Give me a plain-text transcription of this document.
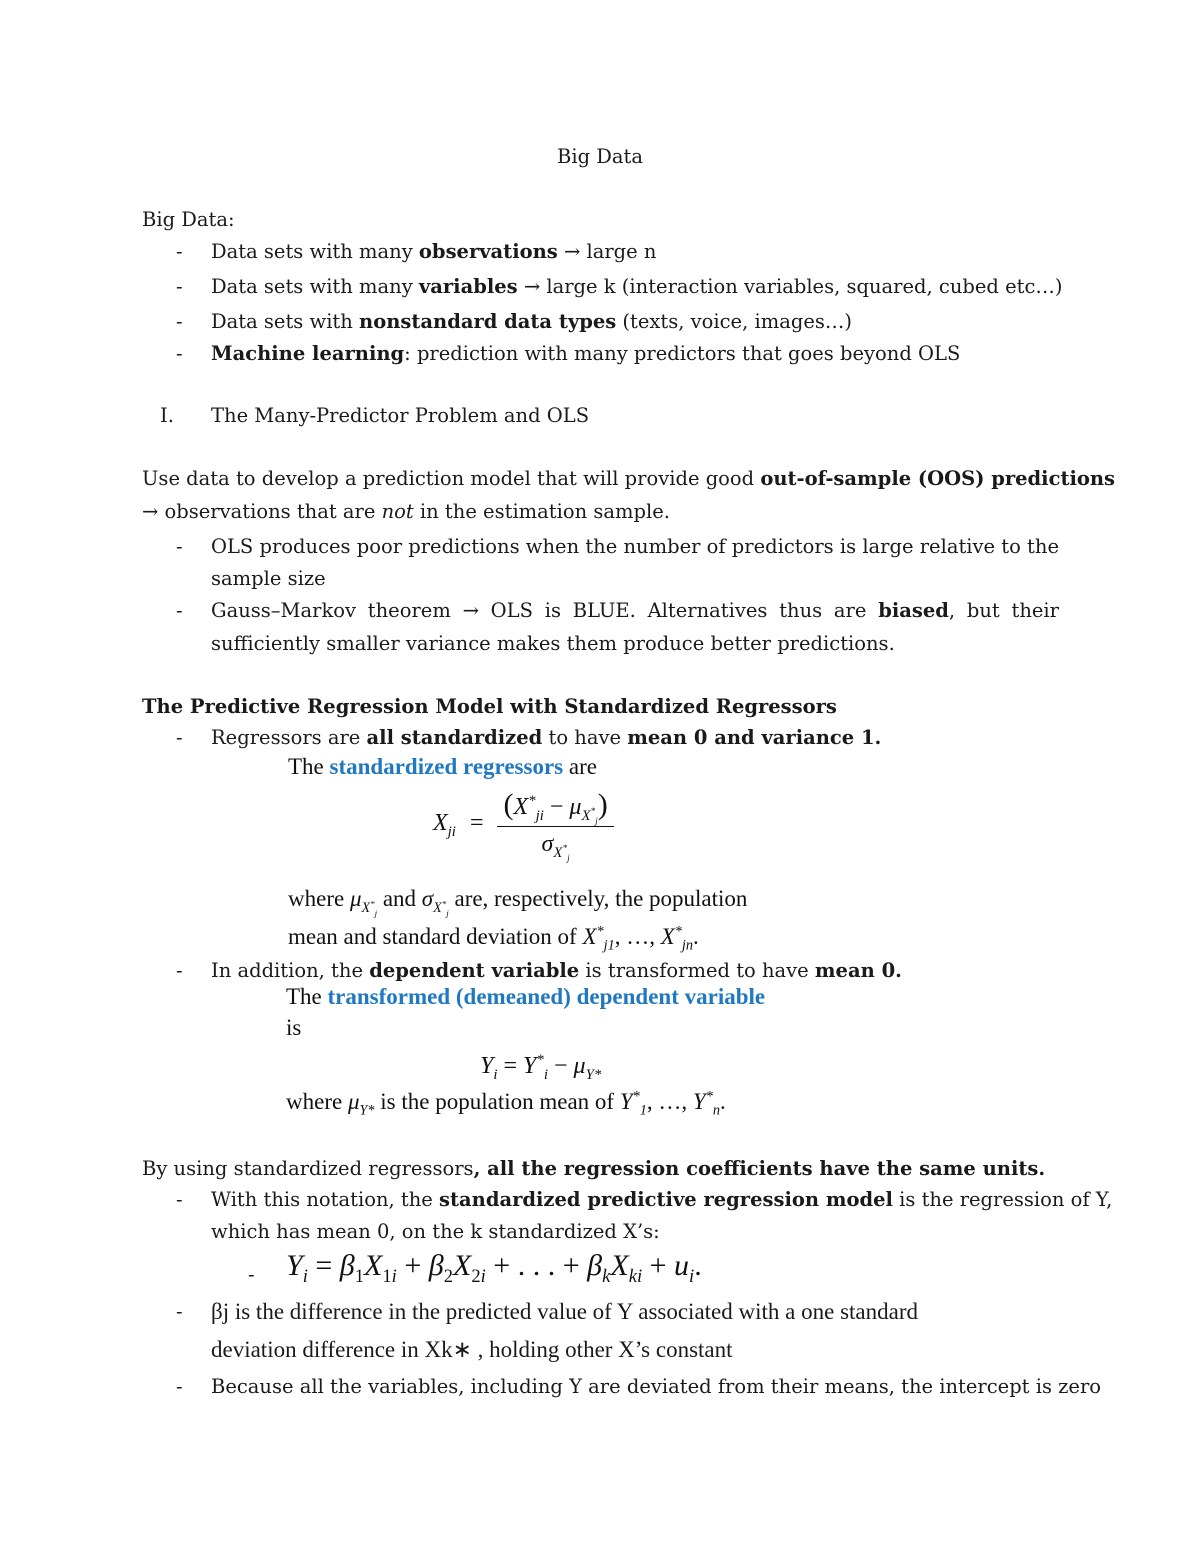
Big Data
Big Data:
- Data sets with many observations → large n
- Data sets with many variables → large k (interaction variables, squared, cubed etc…)
- Data sets with nonstandard data types (texts, voice, images…)
- Machine learning: prediction with many predictors that goes beyond OLS
I. The Many-Predictor Problem and OLS
Use data to develop a prediction model that will provide good out-of-sample (OOS) predictions
→ observations that are not in the estimation sample.
- OLS produces poor predictions when the number of predictors is large relative to the
sample size
- Gauss–Markov theorem → OLS is BLUE. Alternatives thus are biased, but their
sufficiently smaller variance makes them produce better predictions.
The Predictive Regression Model with Standardized Regressors
- Regressors are all standardized to have mean 0 and variance 1.
The standardized regressors are
$X_{ji} = \frac{(X^*_{ji} - \mu_{X^*_j})}{\sigma_{X^*_j}}$
where $\mu_{X^*_j}$ and $\sigma_{X^*_j}$ are, respectively, the population
mean and standard deviation of $X^*_{j1}$, …, $X^*_{jn}$.
- In addition, the dependent variable is transformed to have mean 0.
The transformed (demeaned) dependent variable
is
$Y_i = Y^*_i - \mu_{Y*}$
where $\mu_{Y*}$ is the population mean of $Y^*_1$, …, $Y^*_n$.
By using standardized regressors, all the regression coefficients have the same units.
- With this notation, the standardized predictive regression model is the regression of Y,
which has mean 0, on the k standardized X’s:
- $Y_i = \beta_1X_{1i} + \beta_2X_{2i}$ + . . . + $\beta_kX_{ki} + u_i$.
- βj is the difference in the predicted value of Y associated with a one standard
deviation difference in Xk∗ , holding other X’s constant
- Because all the variables, including Y are deviated from their means, the intercept is zero
